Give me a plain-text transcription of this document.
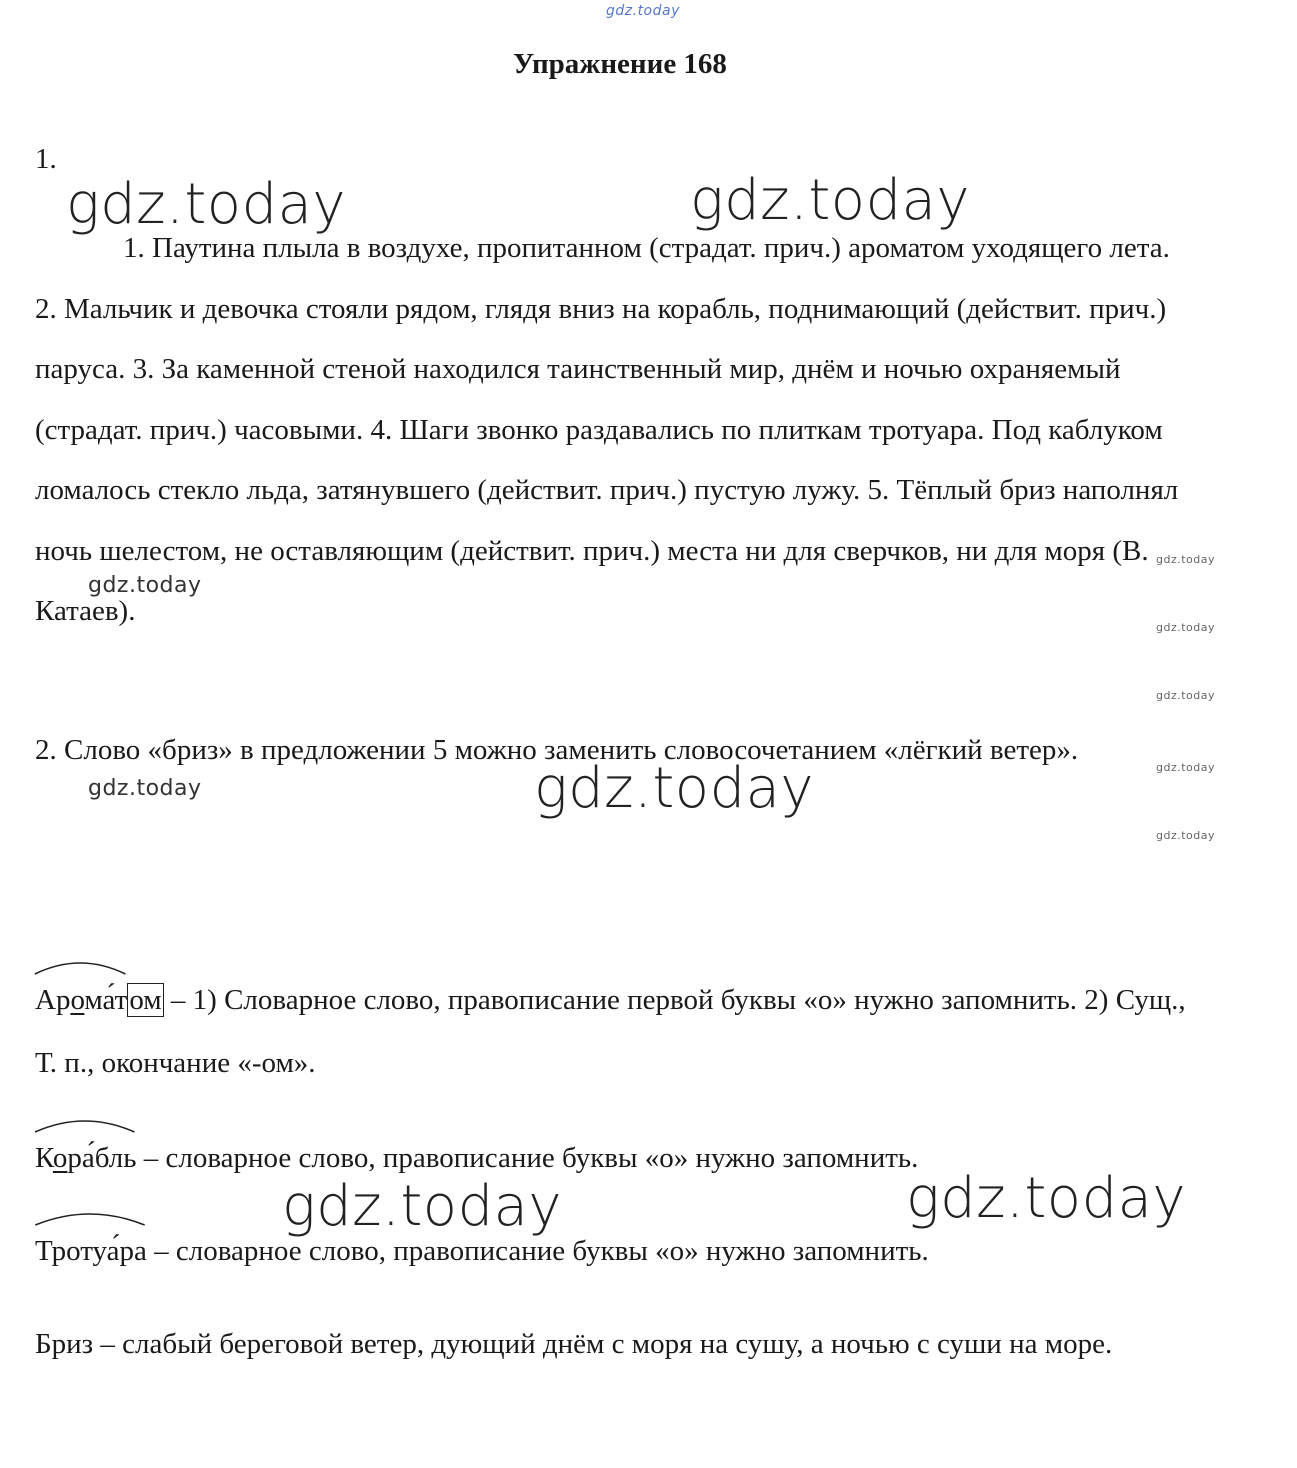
gdz.today
Упражнение 168
1.

1. Паутина плыла в воздухе, пропитанном (страдат. прич.) ароматом уходящего лета. 2. Мальчик и девочка стояли рядом, глядя вниз на корабль, поднимающий (действит. прич.) паруса. 3. За каменной стеной находился таинственный мир, днём и ночью охраняемый (страдат. прич.) часовыми. 4. Шаги звонко раздавались по плиткам тротуара. Под каблуком ломалось стекло льда, затянувшего (действит. прич.) пустую лужу. 5. Тёплый бриз наполнял ночь шелестом, не оставляющим (действит. прич.) места ни для сверчков, ни для моря (В. Катаев).

2. Слово «бриз» в предложении 5 можно заменить словосочетанием «лёгкий ветер».

Арома́том – 1) Словарное слово, правописание первой буквы «о» нужно запомнить. 2) Сущ., Т. п., окончание «-ом».

Кора́бль – словарное слово, правописание буквы «о» нужно запомнить.

Тротуа́ра – словарное слово, правописание буквы «о» нужно запомнить.

Бриз – слабый береговой ветер, дующий днём с моря на сушу, а ночью с суши на море.

gdz.today	gdz.today
gdz.today
gdz.today
gdz.today
gdz.today	gdz.today
gdz.today
gdz.today
gdz.today
gdz.today
gdz.today
